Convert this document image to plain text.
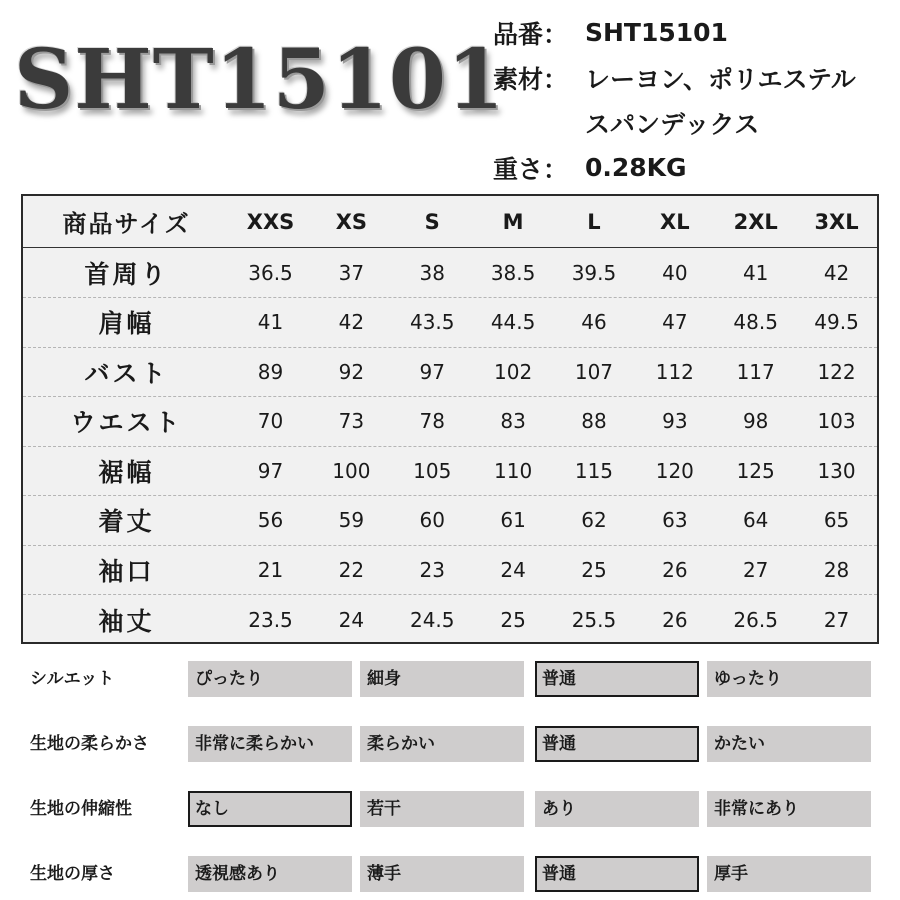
SHT15101
品番： SHT15101
素材： レーヨン、ポリエステル
スパンデックス
重さ： 0.28KG
商品サイズ	XXS	XS	S	M	L	XL	2XL	3XL
首周り	36.5	37	38	38.5	39.5	40	41	42
肩幅	41	42	43.5	44.5	46	47	48.5	49.5
バスト	89	92	97	102	107	112	117	122
ウエスト	70	73	78	83	88	93	98	103
裾幅	97	100	105	110	115	120	125	130
着丈	56	59	60	61	62	63	64	65
袖口	21	22	23	24	25	26	27	28
袖丈	23.5	24	24.5	25	25.5	26	26.5	27
シルエット	ぴったり	細身	普通	ゆったり
生地の柔らかさ	非常に柔らかい	柔らかい	普通	かたい
生地の伸縮性	なし	若干	あり	非常にあり
生地の厚さ	透視感あり	薄手	普通	厚手
